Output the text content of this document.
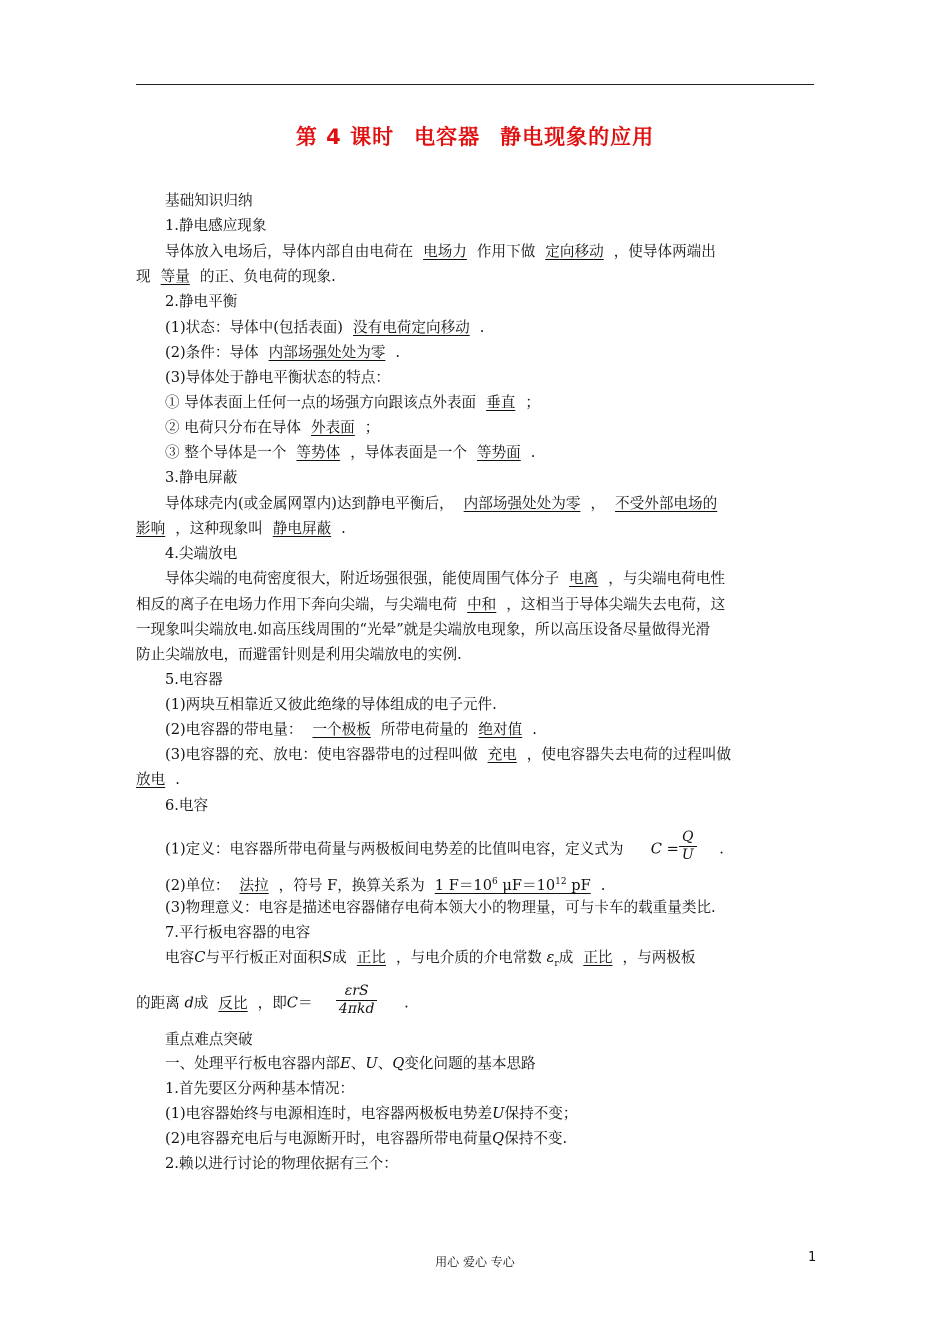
第 4 课时 电容器 静电现象的应用
基础知识归纳
1.静电感应现象
导体放入电场后，导体内部自由电荷在 电场力 作用下做 定向移动 ，使导体两端出
现 等量 的正、负电荷的现象.
2.静电平衡
(1)状态：导体中(包括表面) 没有电荷定向移动 .
(2)条件：导体 内部场强处处为零 .
(3)导体处于静电平衡状态的特点：
① 导体表面上任何一点的场强方向跟该点外表面 垂直 ；
② 电荷只分布在导体 外表面 ；
③ 整个导体是一个 等势体 ，导体表面是一个 等势面 .
3.静电屏蔽
导体球壳内(或金属网罩内)达到静电平衡后， 内部场强处处为零 ， 不受外部电场的
影响 ，这种现象叫 静电屏蔽 .
4.尖端放电
导体尖端的电荷密度很大，附近场强很强，能使周围气体分子 电离 ，与尖端电荷电性
相反的离子在电场力作用下奔向尖端，与尖端电荷 中和 ，这相当于导体尖端失去电荷，这
一现象叫尖端放电.如高压线周围的“光晕”就是尖端放电现象，所以高压设备尽量做得光滑
防止尖端放电，而避雷针则是利用尖端放电的实例.
5.电容器
(1)两块互相靠近又彼此绝缘的导体组成的电子元件.
(2)电容器的带电量： 一个极板 所带电荷量的 绝对值 .
(3)电容器的充、放电：使电容器带电的过程叫做 充电 ，使电容器失去电荷的过程叫做
放电 .
6.电容
(1)定义：电容器所带电荷量与两极板间电势差的比值叫电容，定义式为 $C = \frac{Q}{U}$ .
(2)单位： 法拉 ，符号 F，换算关系为 1 $F=10^6$ $\mu F=10^{12}$ pF .
(3)物理意义：电容是描述电容器储存电荷本领大小的物理量，可与卡车的载重量类比.
7.平行板电容器的电容
电容C与平行板正对面积S成 正比 ，与电介质的介电常数 $\varepsilon_r$成 正比 ，与两极板
的距离 d成 反比 ，即$C= \frac{\text{εrS}}{\text{4πkd}}$ .
重点难点突破
一、处理平行板电容器内部E、U、Q变化问题的基本思路
1.首先要区分两种基本情况：
(1)电容器始终与电源相连时，电容器两极板电势差U保持不变；
(2)电容器充电后与电源断开时，电容器所带电荷量Q保持不变.
2.赖以进行讨论的物理依据有三个：
用心 爱心 专心	1
